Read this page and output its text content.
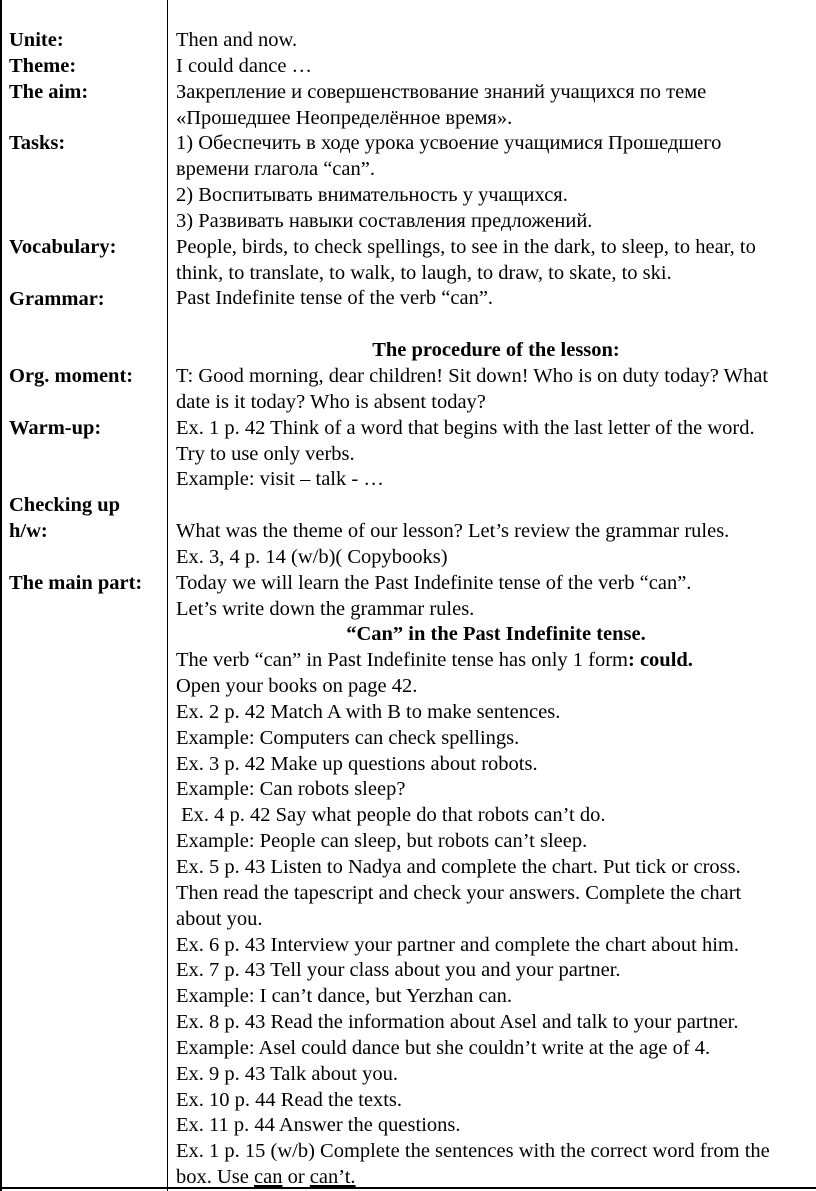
Unite:
Theme:
The aim:
Tasks:
Vocabulary:
Grammar:
Org. moment:
Warm-up:
Checking up
h/w:
The main part:
Then and now.
I could dance …
Закрепление и совершенствование знаний учащихся по теме
«Прошедшее Неопределённое время».
1) Обеспечить в ходе урока усвоение учащимися Прошедшего
времени глагола “can”.
2) Воспитывать внимательность у учащихся.
3) Развивать навыки составления предложений.
People, birds, to check spellings, to see in the dark, to sleep, to hear, to
think, to translate, to walk, to laugh, to draw, to skate, to ski.
Past Indefinite tense of the verb “can”.
The procedure of the lesson:
T: Good morning, dear children! Sit down! Who is on duty today? What
date is it today? Who is absent today?
Ex. 1 p. 42 Think of a word that begins with the last letter of the word.
Try to use only verbs.
Example: visit – talk - …
What was the theme of our lesson? Let’s review the grammar rules.
Ex. 3, 4 p. 14 (w/b)( Copybooks)
Today we will learn the Past Indefinite tense of the verb “can”.
Let’s write down the grammar rules.
“Can” in the Past Indefinite tense.
The verb “can” in Past Indefinite tense has only 1 form: could.
Open your books on page 42.
Ex. 2 p. 42 Match A with B to make sentences.
Example: Computers can check spellings.
Ex. 3 p. 42 Make up questions about robots.
Example: Can robots sleep?
Ex. 4 p. 42 Say what people do that robots can’t do.
Example: People can sleep, but robots can’t sleep.
Ex. 5 p. 43 Listen to Nadya and complete the chart. Put tick or cross.
Then read the tapescript and check your answers. Complete the chart
about you.
Ex. 6 p. 43 Interview your partner and complete the chart about him.
Ex. 7 p. 43 Tell your class about you and your partner.
Example: I can’t dance, but Yerzhan can.
Ex. 8 p. 43 Read the information about Asel and talk to your partner.
Example: Asel could dance but she couldn’t write at the age of 4.
Ex. 9 p. 43 Talk about you.
Ex. 10 p. 44 Read the texts.
Ex. 11 p. 44 Answer the questions.
Ex. 1 p. 15 (w/b) Complete the sentences with the correct word from the
box. Use can or can’t.
